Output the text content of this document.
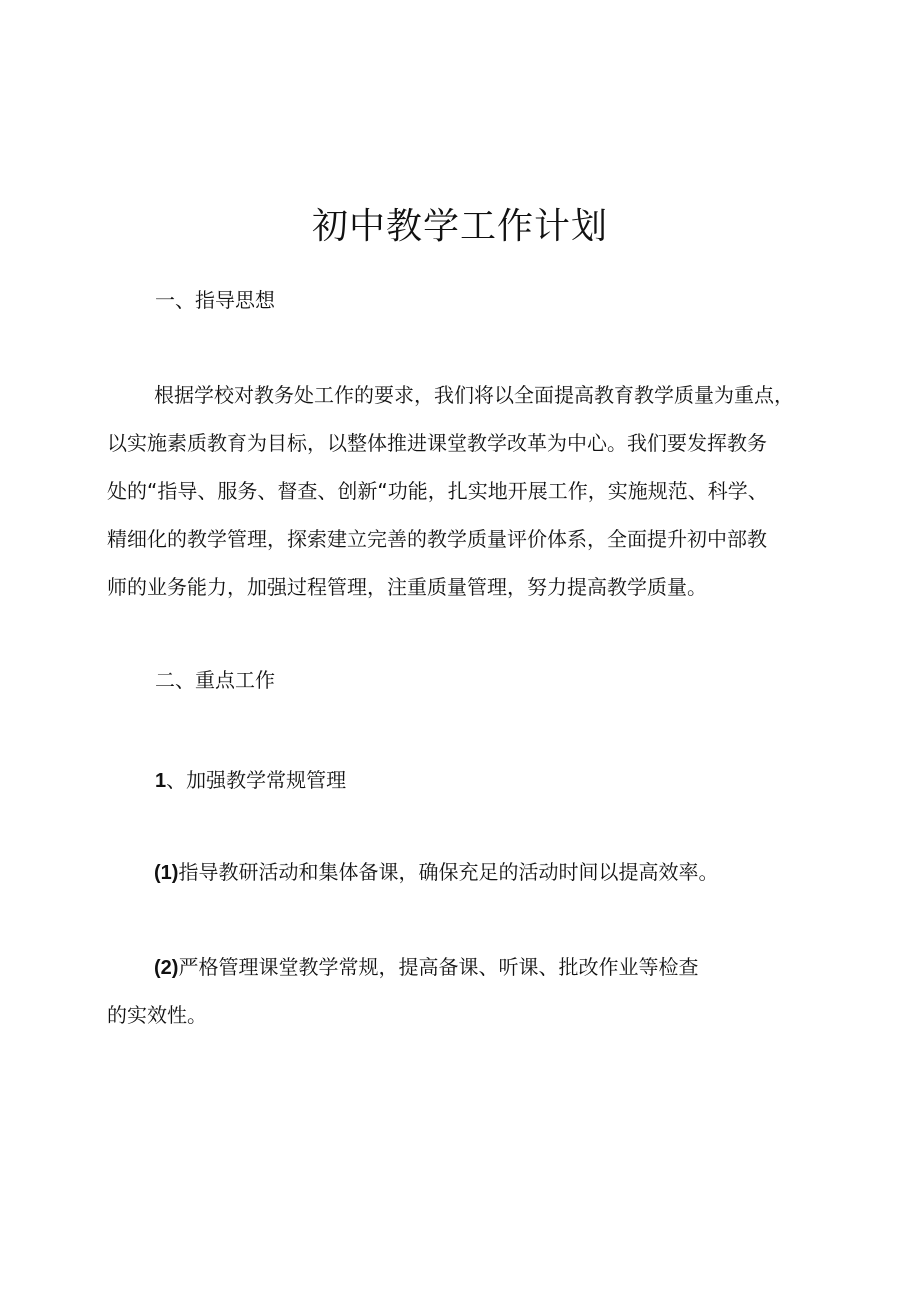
初中教学工作计划
一、指导思想
根据学校对教务处工作的要求，我们将以全面提高教育教学质量为重点，
以实施素质教育为目标，以整体推进课堂教学改革为中心。我们要发挥教务
处的“指导、服务、督查、创新“功能，扎实地开展工作，实施规范、科学、
精细化的教学管理，探索建立完善的教学质量评价体系，全面提升初中部教
师的业务能力，加强过程管理，注重质量管理，努力提高教学质量。
二、重点工作
1、加强教学常规管理
(1)指导教研活动和集体备课，确保充足的活动时间以提高效率。
(2)严格管理课堂教学常规，提高备课、听课、批改作业等检查
的实效性。
